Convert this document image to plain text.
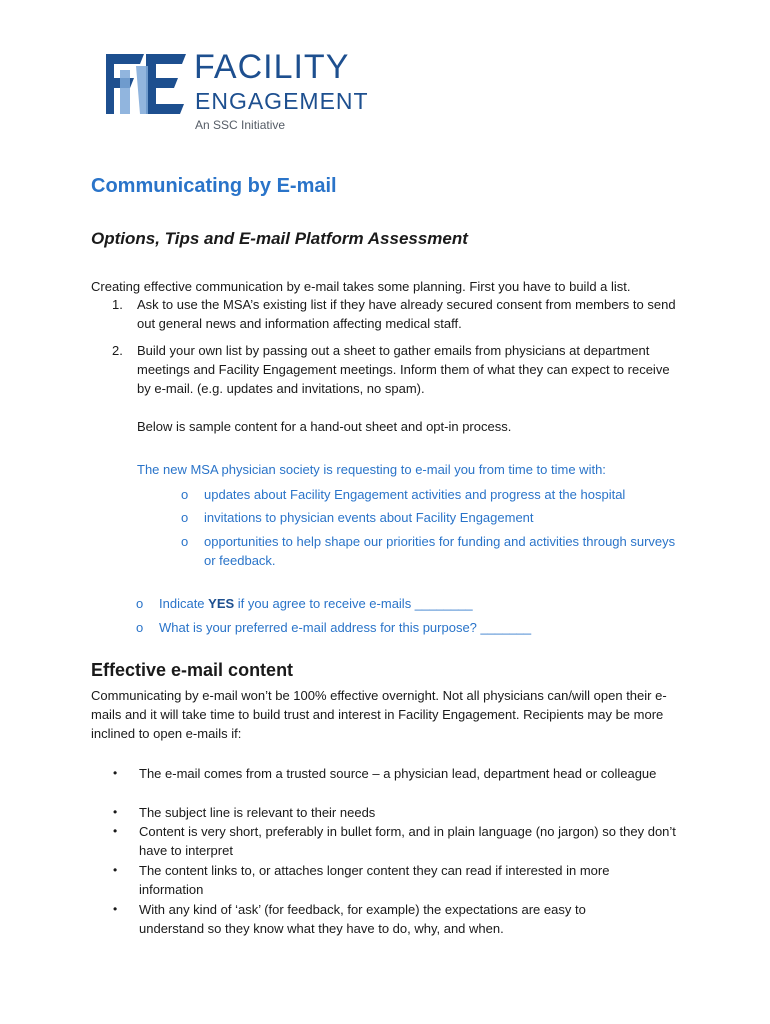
FACILITY
ENGAGEMENT
An SSC Initiative
Communicating by E-mail
Options, Tips and E-mail Platform Assessment

Creating effective communication by e-mail takes some planning. First you have to build a list.

1. Ask to use the MSA’s existing list if they have already secured consent from members to send out general news and information affecting medical staff.
2. Build your own list by passing out a sheet to gather emails from physicians at department meetings and Facility Engagement meetings. Inform them of what they can expect to receive by e-mail. (e.g. updates and invitations, no spam).

Below is sample content for a hand-out sheet and opt-in process.

The new MSA physician society is requesting to e-mail you from time to time with:

o updates about Facility Engagement activities and progress at the hospital
o invitations to physician events about Facility Engagement
o opportunities to help shape our priorities for funding and activities through surveys or feedback.
o Indicate YES if you agree to receive e-mails ________
o What is your preferred e-mail address for this purpose? _______
Effective e-mail content

Communicating by e-mail won’t be 100% effective overnight. Not all physicians can/will open their e-mails and it will take time to build trust and interest in Facility Engagement. Recipients may be more inclined to open e-mails if:

• The e-mail comes from a trusted source – a physician lead, department head or colleague
• The subject line is relevant to their needs
• Content is very short, preferably in bullet form, and in plain language (no jargon) so they don’t have to interpret
• The content links to, or attaches longer content they can read if interested in more information
• With any kind of ‘ask’ (for feedback, for example) the expectations are easy to understand so they know what they have to do, why, and when.
